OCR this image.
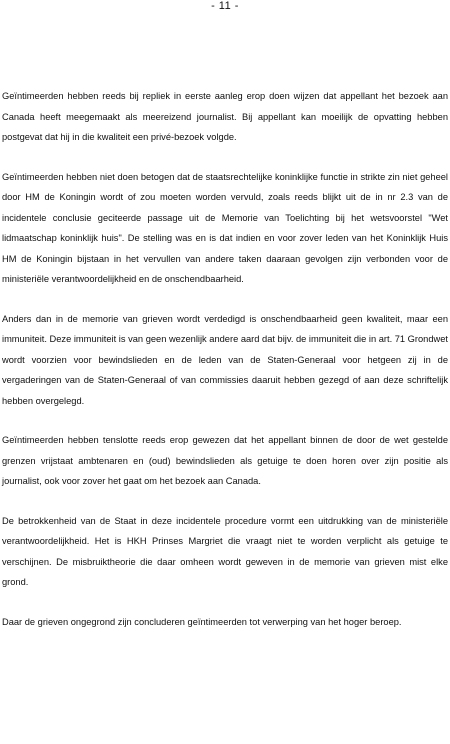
- 11 -

Geïntimeerden hebben reeds bij repliek in eerste aanleg erop doen wijzen dat appellant het bezoek aan Canada heeft meegemaakt als meereizend journalist. Bij appellant kan moeilijk de opvatting hebben postgevat dat hij in die kwaliteit een privé-bezoek volgde.

Geïntimeerden hebben niet doen betogen dat de staatsrechtelijke koninklijke functie in strikte zin niet geheel door HM de Koningin wordt of zou moeten worden vervuld, zoals reeds blijkt uit de in nr 2.3 van de incidentele conclusie geciteerde passage uit de Memorie van Toelichting bij het wetsvoorstel "Wet lidmaatschap koninklijk huis". De stelling was en is dat indien en voor zover leden van het Koninklijk Huis HM de Koningin bijstaan in het vervullen van andere taken daaraan gevolgen zijn verbonden voor de ministeriële verantwoordelijkheid en de onschendbaarheid.

Anders dan in de memorie van grieven wordt verdedigd is onschendbaarheid geen kwaliteit, maar een immuniteit. Deze immuniteit is van geen wezenlijk andere aard dat bijv. de immuniteit die in art. 71 Grondwet wordt voorzien voor bewindslieden en de leden van de Staten-Generaal voor hetgeen zij in de vergaderingen van de Staten-Generaal of van commissies daaruit hebben gezegd of aan deze schriftelijk hebben overgelegd.

Geïntimeerden hebben tenslotte reeds erop gewezen dat het appellant binnen de door de wet gestelde grenzen vrijstaat ambtenaren en (oud) bewindslieden als getuige te doen horen over zijn positie als journalist, ook voor zover het gaat om het bezoek aan Canada.

De betrokkenheid van de Staat in deze incidentele procedure vormt een uitdrukking van de ministeriële verantwoordelijkheid. Het is HKH Prinses Margriet die vraagt niet te worden verplicht als getuige te verschijnen. De misbruiktheorie die daar omheen wordt geweven in de memorie van grieven mist elke grond.

Daar de grieven ongegrond zijn concluderen geïntimeerden tot verwerping van het hoger beroep.
